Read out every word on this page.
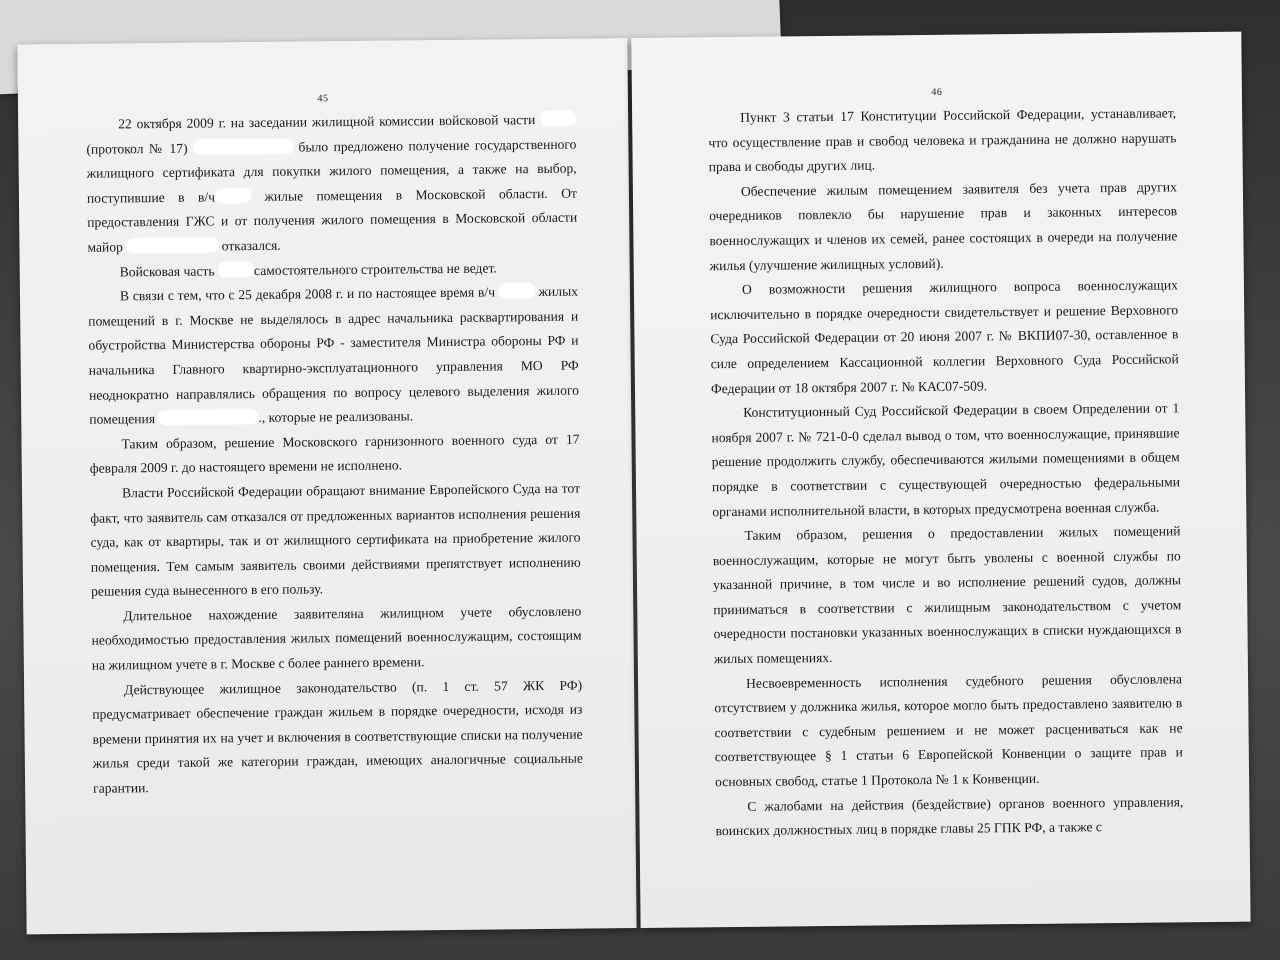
45

22 октября 2009 г. на заседании жилищной комиссии войсковой части  (протокол № 17)	было предложено получение государственного жилищного сертификата для покупки жилого помещения, а также на выбор, поступившие в в/ч	жилые помещения в Московской области. От предоставления ГЖС и от получения жилого помещения в Московской области майор	отказался.

Войсковая часть	самостоятельного строительства не ведет.

В связи с тем, что с 25 декабря 2008 г. и по настоящее время в/ч	жилых помещений в г. Москве не выделялось в адрес начальника расквартирования и обустройства Министерства обороны РФ - заместителя Министра обороны РФ и начальника Главного квартирно-эксплуатационного управления МО РФ неоднократно направлялись обращения по вопросу целевого выделения жилого помещения	., которые не реализованы.

Таким образом, решение Московского гарнизонного военного суда от 17 февраля 2009 г. до настоящего времени не исполнено.

Власти Российской Федерации обращают внимание Европейского Суда на тот факт, что заявитель сам отказался от предложенных вариантов исполнения решения суда, как от квартиры, так и от жилищного сертификата на приобретение жилого помещения. Тем самым заявитель своими действиями препятствует исполнению решения суда вынесенного в его пользу.

Длительное нахождение заявителяна жилищном учете обусловлено необходимостью предоставления жилых помещений военнослужащим, состоящим на жилищном учете в г. Москве с более раннего времени.

Действующее жилищное законодательство (п. 1 ст. 57 ЖК РФ) предусматривает обеспечение граждан жильем в порядке очередности, исходя из времени принятия их на учет и включения в соответствующие списки на получение жилья среди такой же категории граждан, имеющих аналогичные социальные гарантии.

46

Пункт 3 статьи 17 Конституции Российской Федерации, устанавливает, что осуществление прав и свобод человека и гражданина не должно нарушать права и свободы других лиц.

Обеспечение жилым помещением заявителя без учета прав других очередников повлекло бы нарушение прав и законных интересов военнослужащих и членов их семей, ранее состоящих в очереди на получение жилья (улучшение жилищных условий).

О возможности решения жилищного вопроса военнослужащих исключительно в порядке очередности свидетельствует и решение Верховного Суда Российской Федерации от 20 июня 2007 г. № ВКПИ07-30, оставленное в силе определением Кассационной коллегии Верховного Суда Российской Федерации от 18 октября 2007 г. № КАС07-509.

Конституционный Суд Российской Федерации в своем Определении от 1 ноября 2007 г. № 721-0-0 сделал вывод о том, что военнослужащие, принявшие решение продолжить службу, обеспечиваются жилыми помещениями в общем порядке в соответствии с существующей очередностью федеральными органами исполнительной власти, в которых предусмотрена военная служба.

Таким образом, решения о предоставлении жилых помещений военнослужащим, которые не могут быть уволены с военной службы по указанной причине, в том числе и во исполнение решений судов, должны приниматься в соответствии с жилищным законодательством с учетом очередности постановки указанных военнослужащих в списки нуждающихся в жилых помещениях.

Несвоевременность исполнения судебного решения обусловлена отсутствием у должника жилья, которое могло быть предоставлено заявителю в соответствии с судебным решением и не может расцениваться как не соответствующее § 1 статьи 6 Европейской Конвенции о защите прав и основных свобод, статье 1 Протокола № 1 к Конвенции.

С жалобами на действия (бездействие) органов военного управления, воинских должностных лиц в порядке главы 25 ГПК РФ, а также с
